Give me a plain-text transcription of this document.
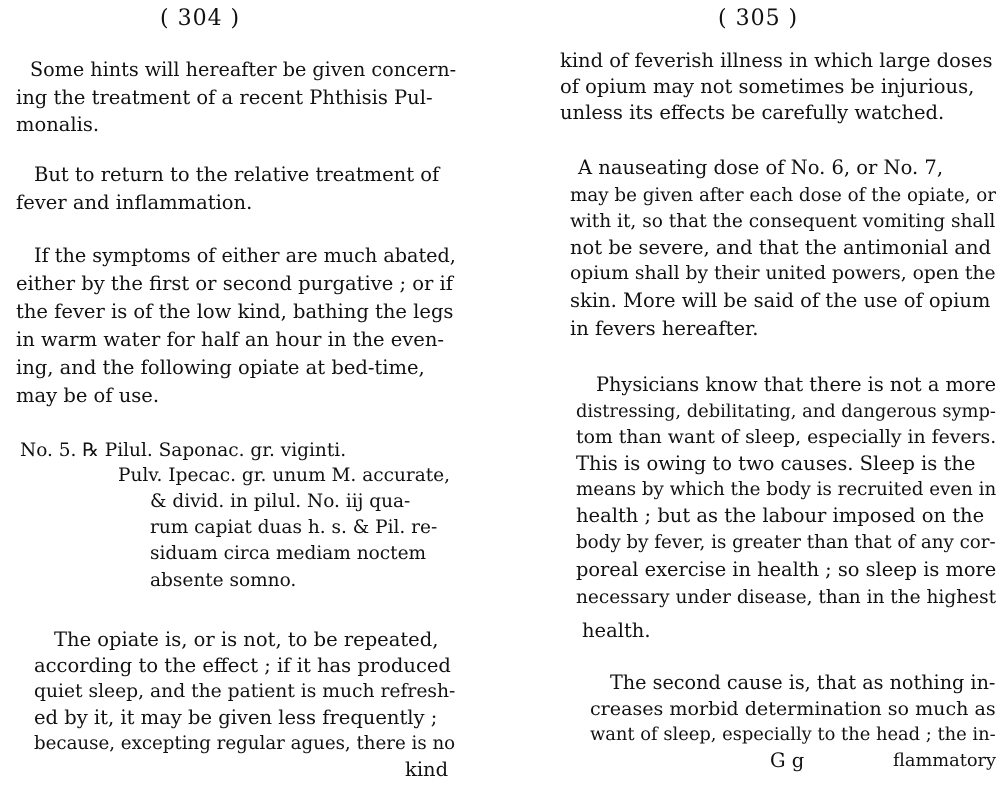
( 304 )
Some hints will hereafter be given concern-
ing the treatment of a recent Phthisis Pul-
monalis.
But to return to the relative treatment of
fever and inflammation.
If the symptoms of either are much abated,
either by the first or second purgative ; or if
the fever is of the low kind, bathing the legs
in warm water for half an hour in the even-
ing, and the following opiate at bed-time,
may be of use.
No. 5. ℞ Pilul. Saponac. gr. viginti.
Pulv. Ipecac. gr. unum M. accurate,
& divid. in pilul. No. iij qua-
rum capiat duas h. s. & Pil. re-
siduam circa mediam noctem
absente somno.
The opiate is, or is not, to be repeated,
according to the effect ; if it has produced
quiet sleep, and the patient is much refresh-
ed by it, it may be given less frequently ;
because, excepting regular agues, there is no
kind
( 305 )
kind of feverish illness in which large doses
of opium may not sometimes be injurious,
unless its effects be carefully watched.
A nauseating dose of No. 6, or No. 7,
may be given after each dose of the opiate, or
with it, so that the consequent vomiting shall
not be severe, and that the antimonial and
opium shall by their united powers, open the
skin. More will be said of the use of opium
in fevers hereafter.
Physicians know that there is not a more
distressing, debilitating, and dangerous symp-
tom than want of sleep, especially in fevers.
This is owing to two causes. Sleep is the
means by which the body is recruited even in
health ; but as the labour imposed on the
body by fever, is greater than that of any cor-
poreal exercise in health ; so sleep is more
necessary under disease, than in the highest
health.
The second cause is, that as nothing in-
creases morbid determination so much as
want of sleep, especially to the head ; the in-
G g	flammatory
